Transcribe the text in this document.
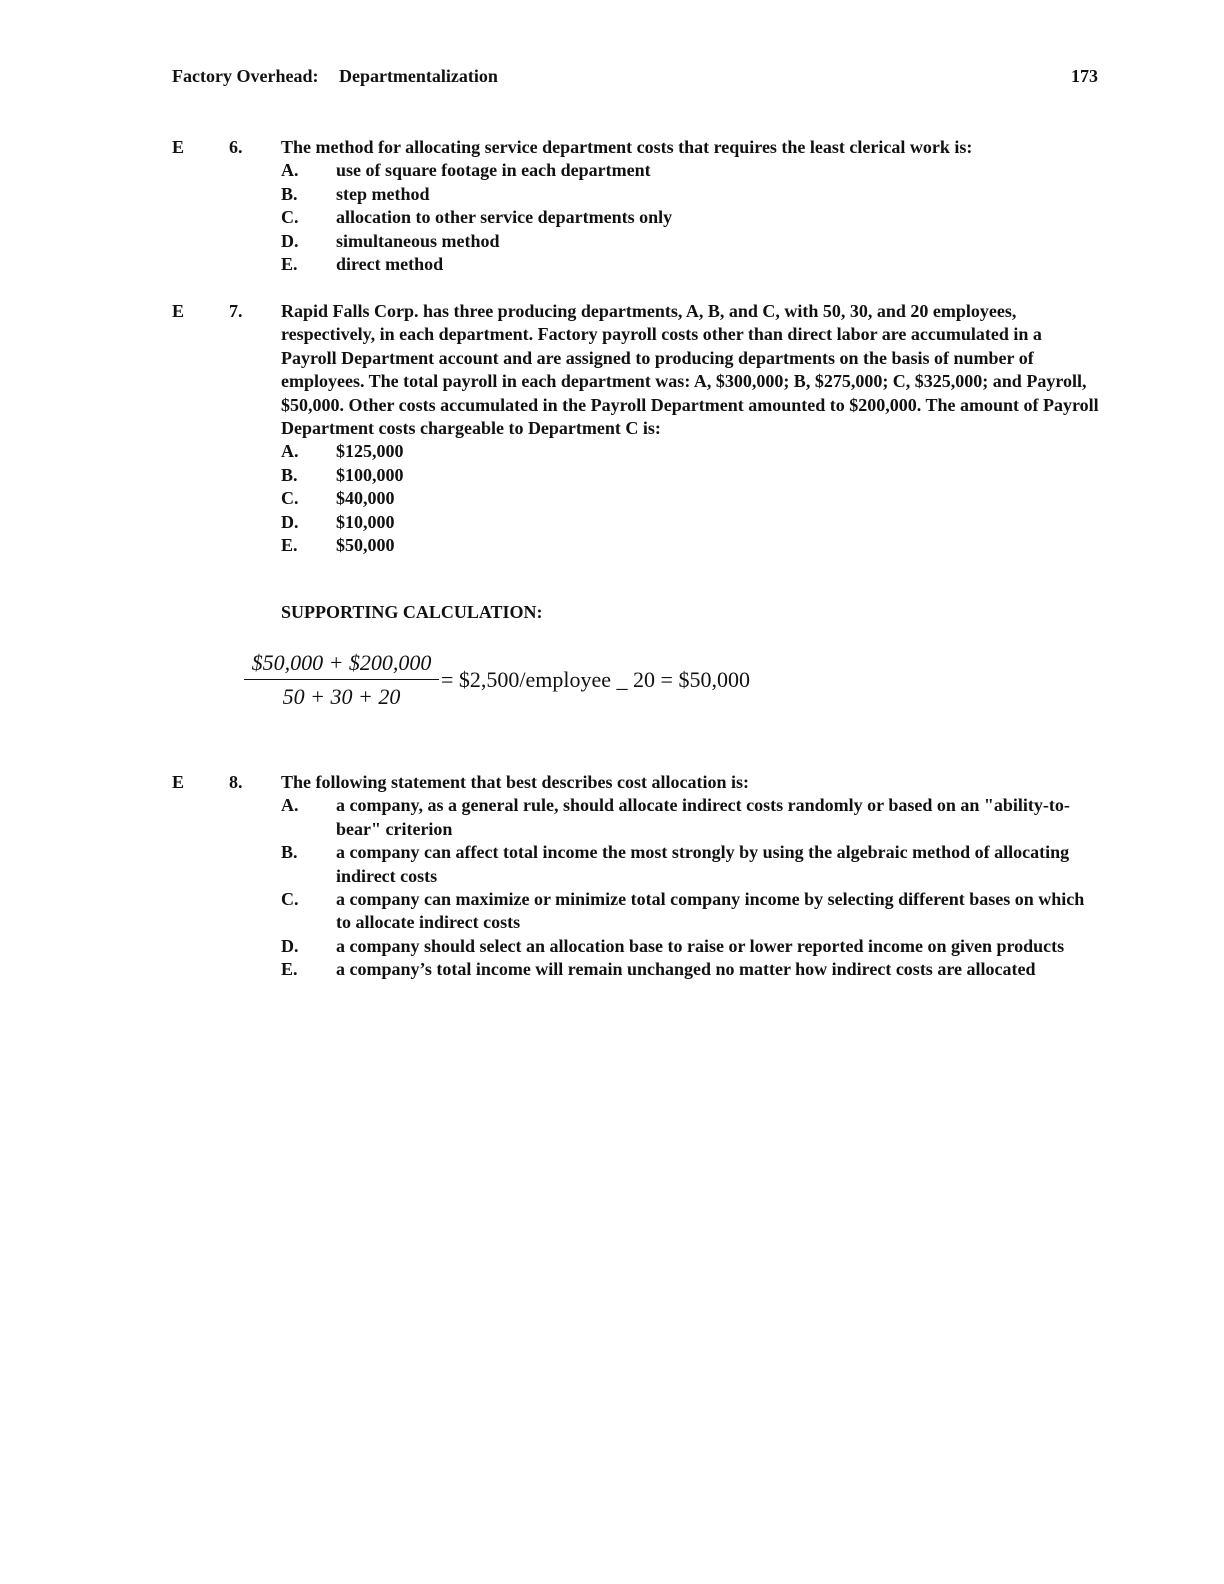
Factory Overhead: Departmentalization	173
E 6. The method for allocating service department costs that requires the least clerical work is:

A.	use of square footage in each department
B.	step method
C.	allocation to other service departments only
D.	simultaneous method
E.	direct method
E 7. Rapid Falls Corp. has three producing departments, A, B, and C, with 50, 30, and 20 employees, respectively, in each department. Factory payroll costs other than direct labor are accumulated in a Payroll Department account and are assigned to producing departments on the basis of number of employees. The total payroll in each department was: A, $300,000; B, $275,000; C, $325,000; and Payroll, $50,000. Other costs accumulated in the Payroll Department amounted to $200,000. The amount of Payroll Department costs chargeable to Department C is:

A.	$125,000
B.	$100,000
C.	$40,000
D.	$10,000
E.	$50,000
SUPPORTING CALCULATION:
$50,000 + $200,000
50 + 30 + 20
= $2,500/employee _ 20 = $50,000
E 8. The following statement that best describes cost allocation is:

A.	a company, as a general rule, should allocate indirect costs randomly or based on an "ability-to-bear" criterion
B.	a company can affect total income the most strongly by using the algebraic method of allocating indirect costs
C.	a company can maximize or minimize total company income by selecting different bases on which to allocate indirect costs
D.	a company should select an allocation base to raise or lower reported income on given products
E.	a company’s total income will remain unchanged no matter how indirect costs are allocated
